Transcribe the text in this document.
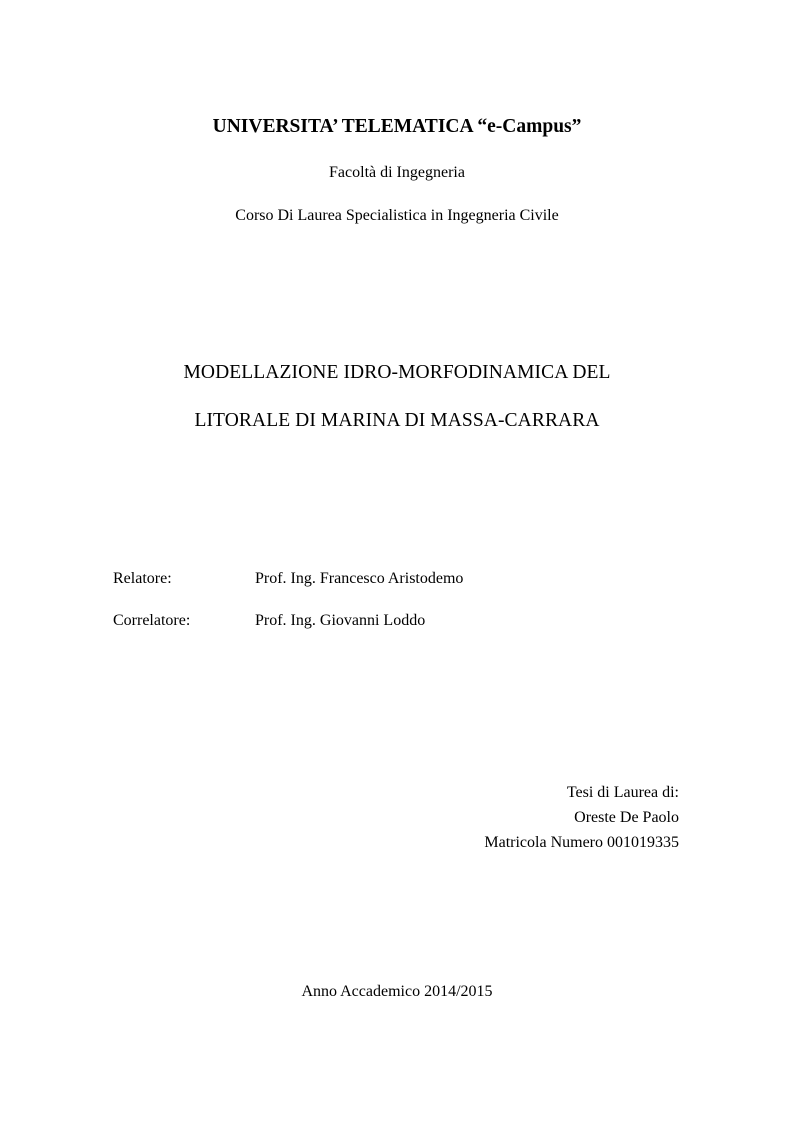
UNIVERSITA’ TELEMATICA “e-Campus”
Facoltà di Ingegneria
Corso Di Laurea Specialistica in Ingegneria Civile
MODELLAZIONE IDRO-MORFODINAMICA DEL
LITORALE DI MARINA DI MASSA-CARRARA
Relatore:	Prof. Ing. Francesco Aristodemo
Correlatore:	Prof. Ing. Giovanni Loddo
Tesi di Laurea di:
Oreste De Paolo
Matricola Numero 001019335
Anno Accademico 2014/2015
